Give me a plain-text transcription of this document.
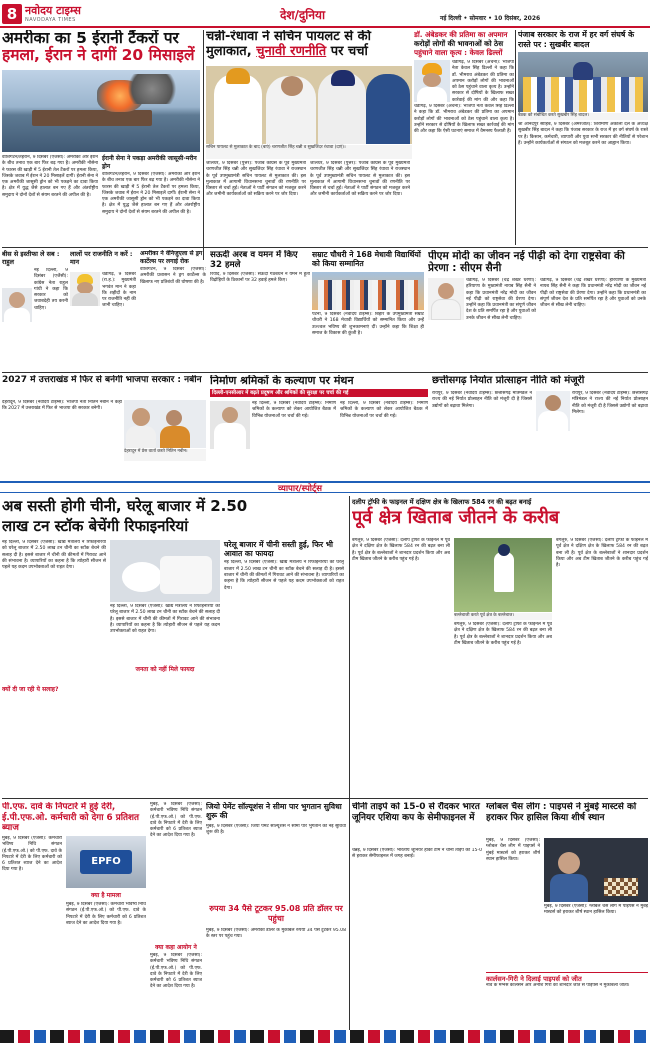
8 नवोदय टाइम्स
NAVODAYA TIMES	देश/दुनिया	नई दिल्ली • सोमवार • 10 दिसंबर, 2026
अमरीका का 5 ईरानी टैंकरों पर
हमला, ईरान ने दागीं 20 मिसाइलें
वॉशिंगटन/तेहरान, 9 दिसंबर (एजैंसी): अमरीका और ईरान के बीच तनाव एक बार फिर बढ़ गया है। अमरीकी नौसेना ने फारस की खाड़ी में 5 ईरानी तेल टैंकरों पर हमला किया, जिसके जवाब में ईरान ने 20 मिसाइलें दागीं। ईरानी सेना ने एक अमरीकी जासूसी ड्रोन को भी पकड़ने का दावा किया है। क्षेत्र में युद्ध जैसे हालात बन गए हैं और अंतर्राष्ट्रीय समुदाय ने दोनों देशों से संयम बरतने की अपील की है।
ईरानी सेना ने पकड़ा अमरीकी जासूसी-मरीन ड्रोन
वॉशिंगटन/तेहरान, 9 दिसंबर (एजैंसी): अमरीका और ईरान के बीच तनाव एक बार फिर बढ़ गया है। अमरीकी नौसेना ने फारस की खाड़ी में 5 ईरानी तेल टैंकरों पर हमला किया, जिसके जवाब में ईरान ने 20 मिसाइलें दागीं। ईरानी सेना ने एक अमरीकी जासूसी ड्रोन को भी पकड़ने का दावा किया है। क्षेत्र में युद्ध जैसे हालात बन गए हैं और अंतर्राष्ट्रीय समुदाय ने दोनों देशों से संयम बरतने की अपील की है।
चन्नी-रंधावा ने सचिन पायलट से की
मुलाकात, चुनावी रणनीति पर चर्चा
सचिन पायलट से मुलाकात के बाद (बाएं) चरणजीत सिंह चन्नी व सुखजिंदर रंधावा (दाएं)।
जालंधर, 9 दिसंबर (पुत्तर): पंजाब कांग्रेस के पूर्व मुख्यमंत्री चरणजीत सिंह चन्नी और सुखजिंदर सिंह रंधावा ने राजस्थान के पूर्व उपमुख्यमंत्री सचिन पायलट से मुलाकात की। इस मुलाकात में आगामी विधानसभा चुनावों की रणनीति पर विस्तार से चर्चा हुई। नेताओं ने पार्टी संगठन को मजबूत करने और जमीनी कार्यकर्ताओं को सक्रिय करने पर जोर दिया।
जालंधर, 9 दिसंबर (पुत्तर): पंजाब कांग्रेस के पूर्व मुख्यमंत्री चरणजीत सिंह चन्नी और सुखजिंदर सिंह रंधावा ने राजस्थान के पूर्व उपमुख्यमंत्री सचिन पायलट से मुलाकात की। इस मुलाकात में आगामी विधानसभा चुनावों की रणनीति पर विस्तार से चर्चा हुई। नेताओं ने पार्टी संगठन को मजबूत करने और जमीनी कार्यकर्ताओं को सक्रिय करने पर जोर दिया।
डॉ. अंबेडकर की प्रतिमा का अपमान
करोड़ों लोगों की भावनाओं को ठेस
पहुंचाने वाला कृत्य : केवल ढिल्लों
चंडीगढ़, 9 दिसंबर (अर्चना): भाजपा नेता केवल सिंह ढिल्लों ने कहा कि डॉ. भीमराव अंबेडकर की प्रतिमा का अपमान करोड़ों लोगों की भावनाओं को ठेस पहुंचाने वाला कृत्य है। उन्होंने सरकार से दोषियों के खिलाफ सख्त कार्रवाई की मांग की और कहा कि
चंडीगढ़, 9 दिसंबर (अर्चना): भाजपा नेता केवल सिंह ढिल्लों ने कहा कि डॉ. भीमराव अंबेडकर की प्रतिमा का अपमान करोड़ों लोगों की भावनाओं को ठेस पहुंचाने वाला कृत्य है। उन्होंने सरकार से दोषियों के खिलाफ सख्त कार्रवाई की मांग की और कहा कि ऐसी घटनाएं समाज में वैमनस्य फैलाती हैं।
पंजाब सरकार के राज में हर वर्ग संघर्ष के रास्ते पर : सुखबीर बादल
बैठक को संबोधित करते सुखबीर सिंह बादल।
श्री आनंदपुर साहिब, 9 दिसंबर (अमरजीत): शिरोमणि अकाली दल के अध्यक्ष सुखबीर सिंह बादल ने कहा कि पंजाब सरकार के राज में हर वर्ग संघर्ष के रास्ते पर है। किसान, कर्मचारी, व्यापारी और युवा सभी सरकार की नीतियों से परेशान हैं। उन्होंने कार्यकर्ताओं से संगठन को मजबूत करने का आह्वान किया।
बीस से इस्तीफा ले सब : राहुल
नई दिल्ली, 9 दिसंबर (एजैंसी): कांग्रेस नेता राहुल गांधी ने कहा कि सरकार को जवाबदेही तय करनी चाहिए।
लालों पर राजनीति न करें : मान
चंडीगढ़, 9 दिसंबर (रा.ह.): मुख्यमंत्री भगवंत मान ने कहा कि शहीदों के नाम पर राजनीति नहीं की जानी चाहिए।
अमरीका ने वेनिजुएला से ड्रग कार्टेल्स पर लगाई रोक
वाशिंगटन, 9 दिसंबर (एजैंसी): अमरीकी प्रशासन ने ड्रग कार्टेल्स के खिलाफ नए प्रतिबंधों की घोषणा की है।
सऊदी अरब व यमन में किए 32 हमले
रियाद, 9 दिसंबर (एजैंसी): सऊदी गठबंधन ने यमन में हूती विद्रोहियों के ठिकानों पर 32 हवाई हमले किए।
सम्राट चौधरी ने 168 मेधावी विद्यार्थियों को किया सम्मानित
पटना, 9 दिसंबर (नवोदय टाइम्स): बिहार के उपमुख्यमंत्री सम्राट चौधरी ने 168 मेधावी विद्यार्थियों को सम्मानित किया और उन्हें उज्ज्वल भविष्य की शुभकामनाएं दीं। उन्होंने कहा कि शिक्षा ही समाज के विकास की कुंजी है।
पीएम मोदी का जीवन नई पीढ़ी को देगा राष्ट्रसेवा की प्रेरणा : सीएम सैनी
चंडीगढ़, 9 दिसंबर (चंद्र शेखर धरणी): हरियाणा के मुख्यमंत्री नायब सिंह सैनी ने कहा कि प्रधानमंत्री नरेंद्र मोदी का जीवन नई पीढ़ी को राष्ट्रसेवा की प्रेरणा देगा। उन्होंने कहा कि प्रधानमंत्री का संपूर्ण जीवन देश के प्रति समर्पित रहा है और युवाओं को उनके जीवन से सीख लेनी चाहिए।
चंडीगढ़, 9 दिसंबर (चंद्र शेखर धरणी): हरियाणा के मुख्यमंत्री नायब सिंह सैनी ने कहा कि प्रधानमंत्री नरेंद्र मोदी का जीवन नई पीढ़ी को राष्ट्रसेवा की प्रेरणा देगा। उन्होंने कहा कि प्रधानमंत्री का संपूर्ण जीवन देश के प्रति समर्पित रहा है और युवाओं को उनके जीवन से सीख लेनी चाहिए।
2027 में उत्तराखंड में फिर से बनेगी भाजपा सरकार : नबीन
देहरादून, 9 दिसंबर (नवोदय टाइम्स): भाजपा नेता नितिन नबीन ने कहा कि 2027 में उत्तराखंड में फिर से भाजपा की सरकार बनेगी।
देहरादून में प्रेस वार्ता करते नितिन नबीन।
निर्माण श्रमिकों के कल्याण पर मंथन
दिल्ली-एनसीआर में बढ़ते प्रदूषण और श्रमिकों की सुरक्षा पर चर्चा की गई
नई दिल्ली, 9 दिसंबर (नवोदय टाइम्स): निर्माण श्रमिकों के कल्याण को लेकर आयोजित बैठक में विभिन्न योजनाओं पर चर्चा की गई।
नई दिल्ली, 9 दिसंबर (नवोदय टाइम्स): निर्माण श्रमिकों के कल्याण को लेकर आयोजित बैठक में विभिन्न योजनाओं पर चर्चा की गई।
छत्तीसगढ़ निर्यात प्रोत्साहन नीति को मंजूरी
रायपुर, 9 दिसंबर (नवोदय टाइम्स): छत्तीसगढ़ मंत्रिमंडल ने राज्य की नई निर्यात प्रोत्साहन नीति को मंजूरी दी है जिससे उद्योगों को बढ़ावा मिलेगा।
रायपुर, 9 दिसंबर (नवोदय टाइम्स): छत्तीसगढ़ मंत्रिमंडल ने राज्य की नई निर्यात प्रोत्साहन नीति को मंजूरी दी है जिससे उद्योगों को बढ़ावा मिलेगा।
व्यापार/स्पोर्ट्स
दलीप ट्रॉफी के फाइनल में दक्षिण क्षेत्र के खिलाफ 584 रन की बढ़त बनाई
अब सस्ती होगी चीनी, घरेलू बाजार में 2.50
लाख टन स्टॉक बेचेंगी रिफाइनरियां
नई दिल्ली, 9 दिसंबर (एजैंसी): खाद्य मंत्रालय ने रिफाइनरियों को घरेलू बाजार में 2.50 लाख टन चीनी का स्टॉक बेचने की सलाह दी है। इससे बाजार में चीनी की कीमतों में गिरावट आने की संभावना है। व्यापारियों का कहना है कि त्योहारी सीजन से पहले यह कदम उपभोक्ताओं को राहत देगा।
क्यों दी जा रही ये सलाह?
नई दिल्ली, 9 दिसंबर (एजैंसी): खाद्य मंत्रालय ने रिफाइनरियों को घरेलू बाजार में 2.50 लाख टन चीनी का स्टॉक बेचने की सलाह दी है। इससे बाजार में चीनी की कीमतों में गिरावट आने की संभावना है। व्यापारियों का कहना है कि त्योहारी सीजन से पहले यह कदम उपभोक्ताओं को राहत देगा।
जनता को नहीं मिले फायदा
घरेलू बाजार में चीनी सस्ती हुई, फिर भी आवात का फायदा
नई दिल्ली, 9 दिसंबर (एजैंसी): खाद्य मंत्रालय ने रिफाइनरियों को घरेलू बाजार में 2.50 लाख टन चीनी का स्टॉक बेचने की सलाह दी है। इससे बाजार में चीनी की कीमतों में गिरावट आने की संभावना है। व्यापारियों का कहना है कि त्योहारी सीजन से पहले यह कदम उपभोक्ताओं को राहत देगा।
पूर्व क्षेत्र खिताब जीतने के करीब
बेंगलुरु, 9 दिसंबर (एजैंसी): दलीप ट्रॉफी के फाइनल में पूर्व क्षेत्र ने दक्षिण क्षेत्र के खिलाफ 584 रन की बढ़त बना ली है। पूर्व क्षेत्र के बल्लेबाजों ने शानदार प्रदर्शन किया और अब टीम खिताब जीतने के करीब पहुंच गई है।
बल्लेबाजी करते पूर्व क्षेत्र के बल्लेबाज।
बेंगलुरु, 9 दिसंबर (एजैंसी): दलीप ट्रॉफी के फाइनल में पूर्व क्षेत्र ने दक्षिण क्षेत्र के खिलाफ 584 रन की बढ़त बना ली है। पूर्व क्षेत्र के बल्लेबाजों ने शानदार प्रदर्शन किया और अब टीम खिताब जीतने के करीब पहुंच गई है।
बेंगलुरु, 9 दिसंबर (एजैंसी): दलीप ट्रॉफी के फाइनल में पूर्व क्षेत्र ने दक्षिण क्षेत्र के खिलाफ 584 रन की बढ़त बना ली है। पूर्व क्षेत्र के बल्लेबाजों ने शानदार प्रदर्शन किया और अब टीम खिताब जीतने के करीब पहुंच गई है।
पी.एफ. दावे के निपटारे में हुई देरी, ई.पी.एफ.ओ. कर्मचारी को देगा 6 प्रतिशत ब्याज
मुंबई, 9 दिसंबर (एजैंसी): कर्मचारी भविष्य निधि संगठन (ई.पी.एफ.ओ.) को पी.एफ. दावे के निपटारे में देरी के लिए कर्मचारी को 6 प्रतिशत ब्याज देने का आदेश दिया गया है।
EPFO
क्या है मामला
मुंबई, 9 दिसंबर (एजैंसी): कर्मचारी भविष्य निधि संगठन (ई.पी.एफ.ओ.) को पी.एफ. दावे के निपटारे में देरी के लिए कर्मचारी को 6 प्रतिशत ब्याज देने का आदेश दिया गया है।
मुंबई, 9 दिसंबर (एजैंसी): कर्मचारी भविष्य निधि संगठन (ई.पी.एफ.ओ.) को पी.एफ. दावे के निपटारे में देरी के लिए कर्मचारी को 6 प्रतिशत ब्याज देने का आदेश दिया गया है।
क्या कहा आयोग ने
मुंबई, 9 दिसंबर (एजैंसी): कर्मचारी भविष्य निधि संगठन (ई.पी.एफ.ओ.) को पी.एफ. दावे के निपटारे में देरी के लिए कर्मचारी को 6 प्रतिशत ब्याज देने का आदेश दिया गया है।
जियो पेमेंट सॉल्यूशंस ने सीमा पार भुगतान सुविधा शुरू की
मुंबई, 9 दिसंबर (एजैंसी): जियो पेमेंट सॉल्यूशंस ने सीमा पार भुगतान की नई सुविधा शुरू की है।
रुपया 34 पैसे टूटकर 95.08 प्रति डॉलर पर पहुंचा
मुंबई, 9 दिसंबर (एजैंसी): अमरीकी डॉलर के मुकाबले रुपया 34 पैसे टूटकर 95.08 के स्तर पर पहुंच गया।
चीनी ताइपे को 15-0 से रौंदकर भारत जूनियर एशिया कप के सेमीफाइनल में
चेन्नई, 9 दिसंबर (एजैंसी): भारतीय जूनियर हॉकी टीम ने चीनी ताइपे को 15-0 से हराकर सेमीफाइनल में जगह बनाई।
ग्लोबल चैस लीग : पाइपर्स ने मुंबई मास्टर्स को हराकर फिर हासिल किया शीर्ष स्थान
मुंबई, 9 दिसंबर (एजैंसी): ग्लोबल चैस लीग में पाइपर्स ने मुंबई मास्टर्स को हराकर शीर्ष स्थान हासिल किया।
मुंबई, 9 दिसंबर (एजैंसी): ग्लोबल चैस लीग में पाइपर्स ने मुंबई मास्टर्स को हराकर शीर्ष स्थान हासिल किया।
कार्लसन-गिरी ने दिलाई पाइपर्स को जीत
नॉर्वे के मैग्नस कार्लसन और अनीश गिरी की शानदार जीत से पाइपर्स ने मुकाबला जीता।
